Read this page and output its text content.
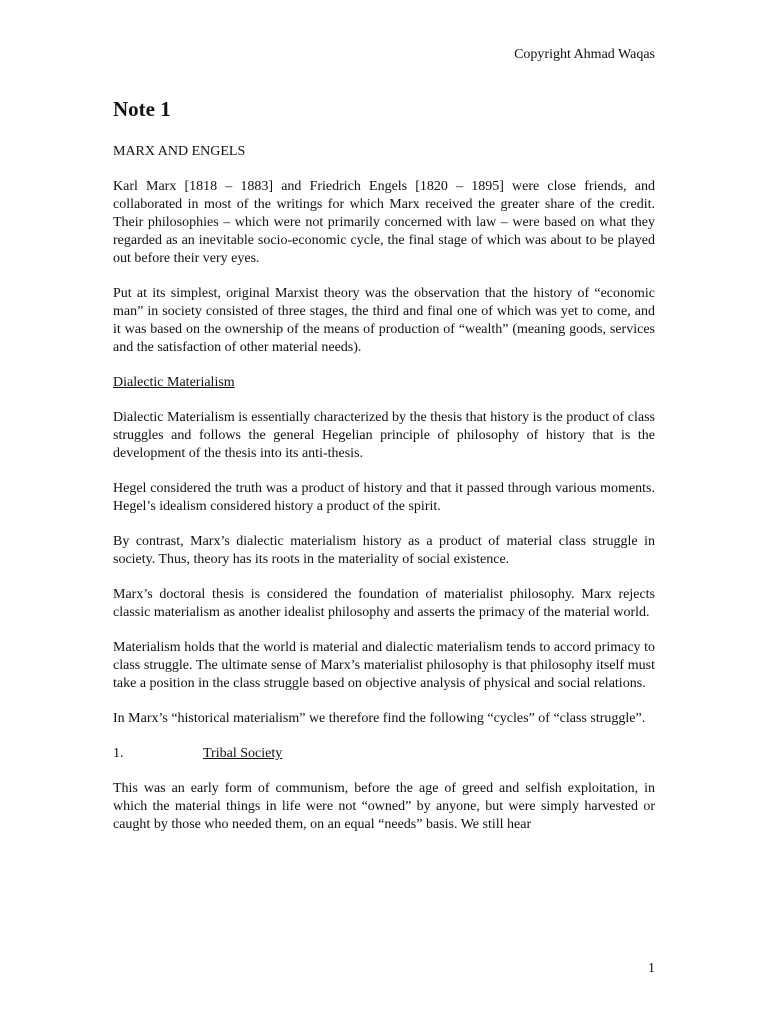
Copyright Ahmad Waqas
Note 1

MARX AND ENGELS

Karl Marx [1818 – 1883] and Friedrich Engels [1820 – 1895] were close friends, and collaborated in most of the writings for which Marx received the greater share of the credit. Their philosophies – which were not primarily concerned with law – were based on what they regarded as an inevitable socio-economic cycle, the final stage of which was about to be played out before their very eyes.

Put at its simplest, original Marxist theory was the observation that the history of “economic man” in society consisted of three stages, the third and final one of which was yet to come, and it was based on the ownership of the means of production of “wealth” (meaning goods, services and the satisfaction of other material needs).

Dialectic Materialism

Dialectic Materialism is essentially characterized by the thesis that history is the product of class struggles and follows the general Hegelian principle of philosophy of history that is the development of the thesis into its anti-thesis.

Hegel considered the truth was a product of history and that it passed through various moments. Hegel’s idealism considered history a product of the spirit.

By contrast, Marx’s dialectic materialism history as a product of material class struggle in society. Thus, theory has its roots in the materiality of social existence.

Marx’s doctoral thesis is considered the foundation of materialist philosophy. Marx rejects classic materialism as another idealist philosophy and asserts the primacy of the material world.

Materialism holds that the world is material and dialectic materialism tends to accord primacy to class struggle. The ultimate sense of Marx’s materialist philosophy is that philosophy itself must take a position in the class struggle based on objective analysis of physical and social relations.

In Marx’s “historical materialism” we therefore find the following “cycles” of “class struggle”.

1.	Tribal Society

This was an early form of communism, before the age of greed and selfish exploitation, in which the material things in life were not “owned” by anyone, but were simply harvested or caught by those who needed them, on an equal “needs” basis. We still hear

1
